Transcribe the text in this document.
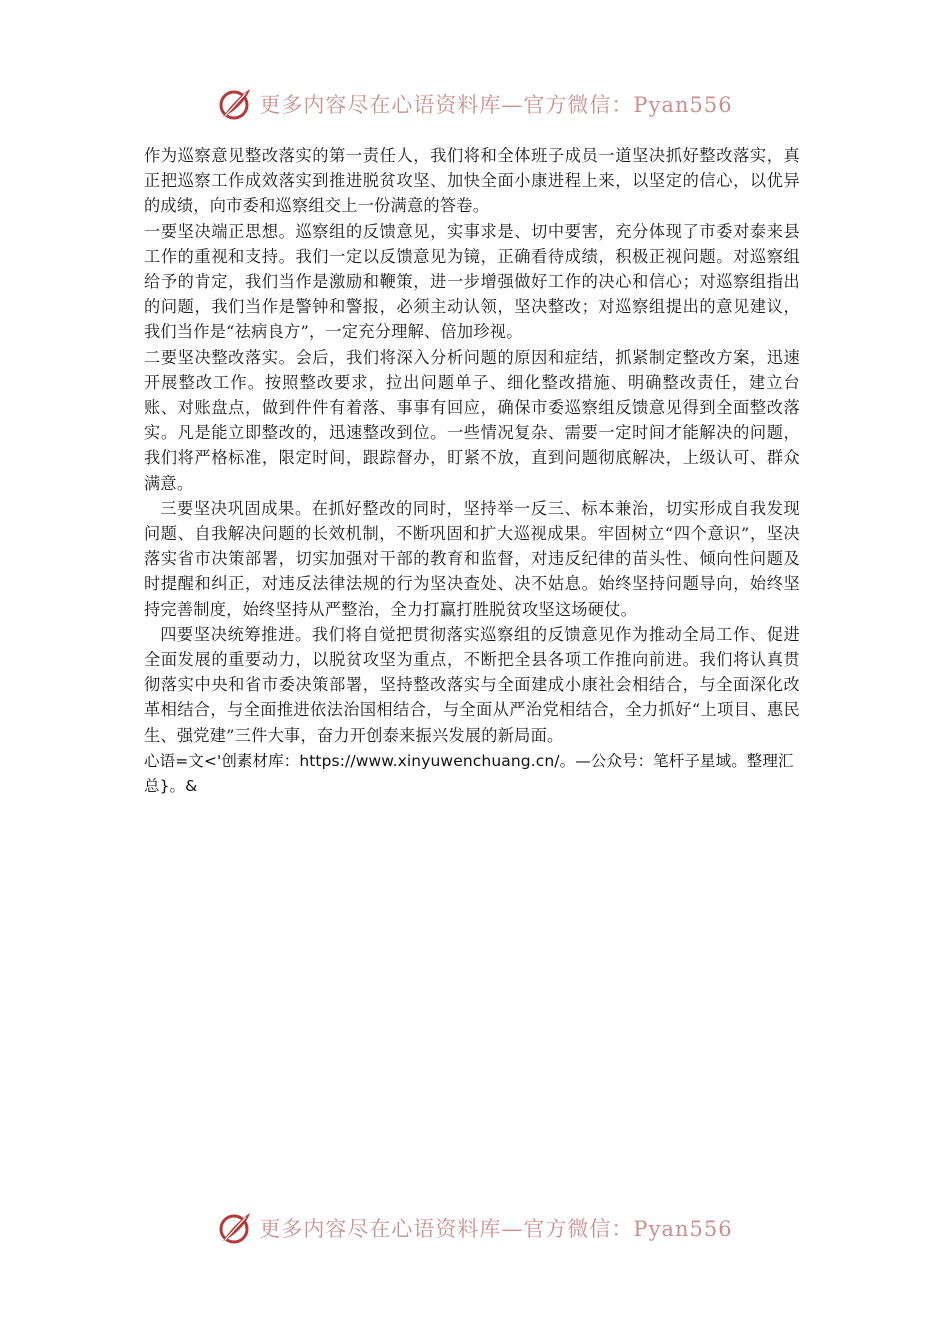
更多内容尽在心语资料库—官方微信：Pyan556

作为巡察意见整改落实的第一责任人，我们将和全体班子成员一道坚决抓好整改落实，真正把巡察工作成效落实到推进脱贫攻坚、加快全面小康进程上来，以坚定的信心，以优异的成绩，向市委和巡察组交上一份满意的答卷。

一要坚决端正思想。巡察组的反馈意见，实事求是、切中要害，充分体现了市委对泰来县工作的重视和支持。我们一定以反馈意见为镜，正确看待成绩，积极正视问题。对巡察组给予的肯定，我们当作是激励和鞭策，进一步增强做好工作的决心和信心；对巡察组指出的问题，我们当作是警钟和警报，必须主动认领，坚决整改；对巡察组提出的意见建议，我们当作是“祛病良方”，一定充分理解、倍加珍视。

二要坚决整改落实。会后，我们将深入分析问题的原因和症结，抓紧制定整改方案，迅速开展整改工作。按照整改要求，拉出问题单子、细化整改措施、明确整改责任，建立台账、对账盘点，做到件件有着落、事事有回应，确保市委巡察组反馈意见得到全面整改落实。凡是能立即整改的，迅速整改到位。一些情况复杂、需要一定时间才能解决的问题，我们将严格标准，限定时间，跟踪督办，盯紧不放，直到问题彻底解决，上级认可、群众满意。

三要坚决巩固成果。在抓好整改的同时，坚持举一反三、标本兼治，切实形成自我发现问题、自我解决问题的长效机制，不断巩固和扩大巡视成果。牢固树立“四个意识”，坚决落实省市决策部署，切实加强对干部的教育和监督，对违反纪律的苗头性、倾向性问题及时提醒和纠正，对违反法律法规的行为坚决查处、决不姑息。始终坚持问题导向，始终坚持完善制度，始终坚持从严整治，全力打赢打胜脱贫攻坚这场硬仗。

四要坚决统筹推进。我们将自觉把贯彻落实巡察组的反馈意见作为推动全局工作、促进全面发展的重要动力，以脱贫攻坚为重点，不断把全县各项工作推向前进。我们将认真贯彻落实中央和省市委决策部署，坚持整改落实与全面建成小康社会相结合，与全面深化改革相结合，与全面推进依法治国相结合，与全面从严治党相结合，全力抓好“上项目、惠民生、强党建”三件大事，奋力开创泰来振兴发展的新局面。

心语=文<'创素材库：https://www.xinyuwenchuang.cn/。—公众号：笔杆子星域。整理汇总}。&

更多内容尽在心语资料库—官方微信：Pyan556
